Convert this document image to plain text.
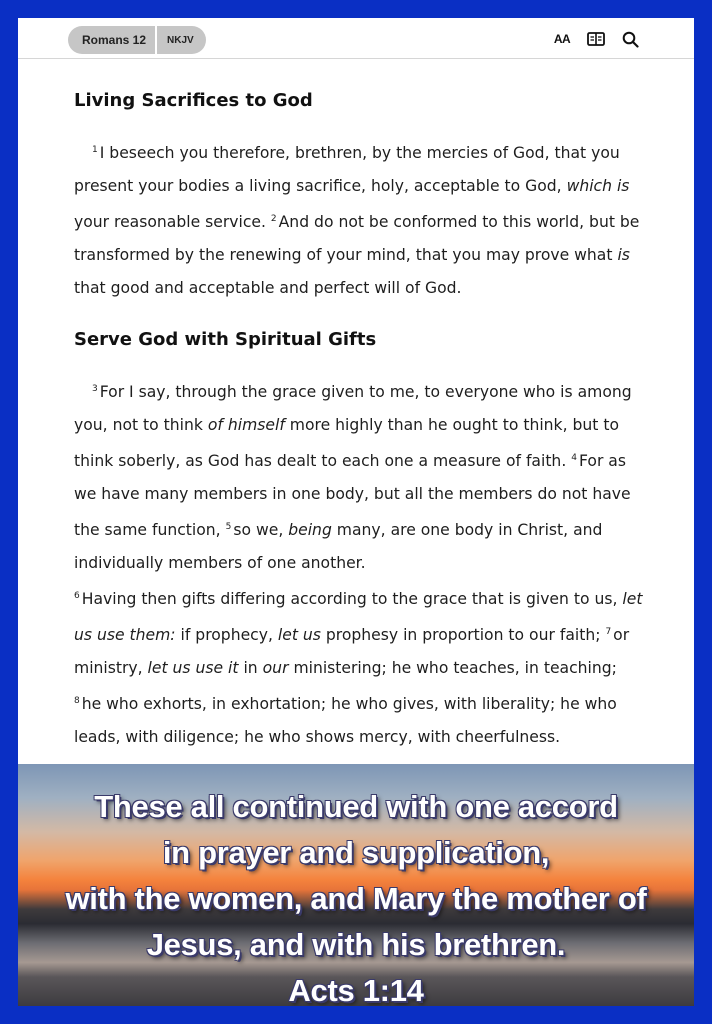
Romans 12	NKJV	AA
Living Sacrifices to God

$^1$ I beseech you therefore, brethren, by the mercies of God, that you present your bodies a living sacrifice, holy, acceptable to God, which is your reasonable service. $^2$ And do not be conformed to this world, but be transformed by the renewing of your mind, that you may prove what is that good and acceptable and perfect will of God.

Serve God with Spiritual Gifts

$^3$ For I say, through the grace given to me, to everyone who is among you, not to think of himself more highly than he ought to think, but to think soberly, as God has dealt to each one a measure of faith. $^4$ For as we have many members in one body, but all the members do not have the same function, $^5$ so we, being many, are one body in Christ, and individually members of one another.
$^6$ Having then gifts differing according to the grace that is given to us, let us use them: if prophecy, let us prophesy in proportion to our faith; $^7$ or ministry, let us use it in our ministering; he who teaches, in teaching; $^8$ he who exhorts, in exhortation; he who gives, with liberality; he who leads, with diligence; he who shows mercy, with cheerfulness.

These all continued with one accord
in prayer and supplication,
with the women, and Mary the mother of
Jesus, and with his brethren.
Acts 1:14
